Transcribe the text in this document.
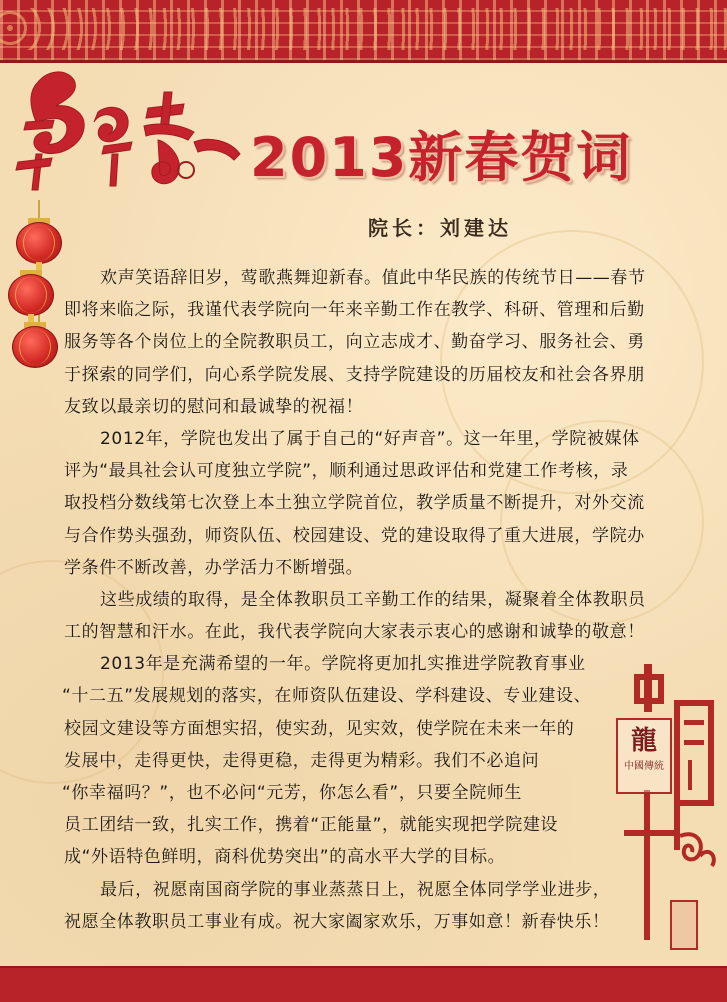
2013新春贺词
院长：刘建达
欢声笑语辞旧岁，莺歌燕舞迎新春。值此中华民族的传统节日——春节
即将来临之际，我谨代表学院向一年来辛勤工作在教学、科研、管理和后勤
服务等各个岗位上的全院教职员工，向立志成才、勤奋学习、服务社会、勇
于探索的同学们，向心系学院发展、支持学院建设的历届校友和社会各界朋
友致以最亲切的慰问和最诚挚的祝福！
2012年，学院也发出了属于自己的“好声音”。这一年里，学院被媒体
评为“最具社会认可度独立学院”，顺利通过思政评估和党建工作考核，录
取投档分数线第七次登上本土独立学院首位，教学质量不断提升，对外交流
与合作势头强劲，师资队伍、校园建设、党的建设取得了重大进展，学院办
学条件不断改善，办学活力不断增强。
这些成绩的取得，是全体教职员工辛勤工作的结果，凝聚着全体教职员
工的智慧和汗水。在此，我代表学院向大家表示衷心的感谢和诚挚的敬意！
2013年是充满希望的一年。学院将更加扎实推进学院教育事业
“十二五”发展规划的落实，在师资队伍建设、学科建设、专业建设、
校园文建设等方面想实招，使实劲，见实效，使学院在未来一年的
发展中，走得更快，走得更稳，走得更为精彩。我们不必追问
“你幸福吗？”，也不必问“元芳，你怎么看”，只要全院师生
员工团结一致，扎实工作，携着“正能量”，就能实现把学院建设
成“外语特色鲜明，商科优势突出”的高水平大学的目标。
最后，祝愿南国商学院的事业蒸蒸日上，祝愿全体同学学业进步，
祝愿全体教职员工事业有成。祝大家阖家欢乐，万事如意！新春快乐！
龍
中國傳統
